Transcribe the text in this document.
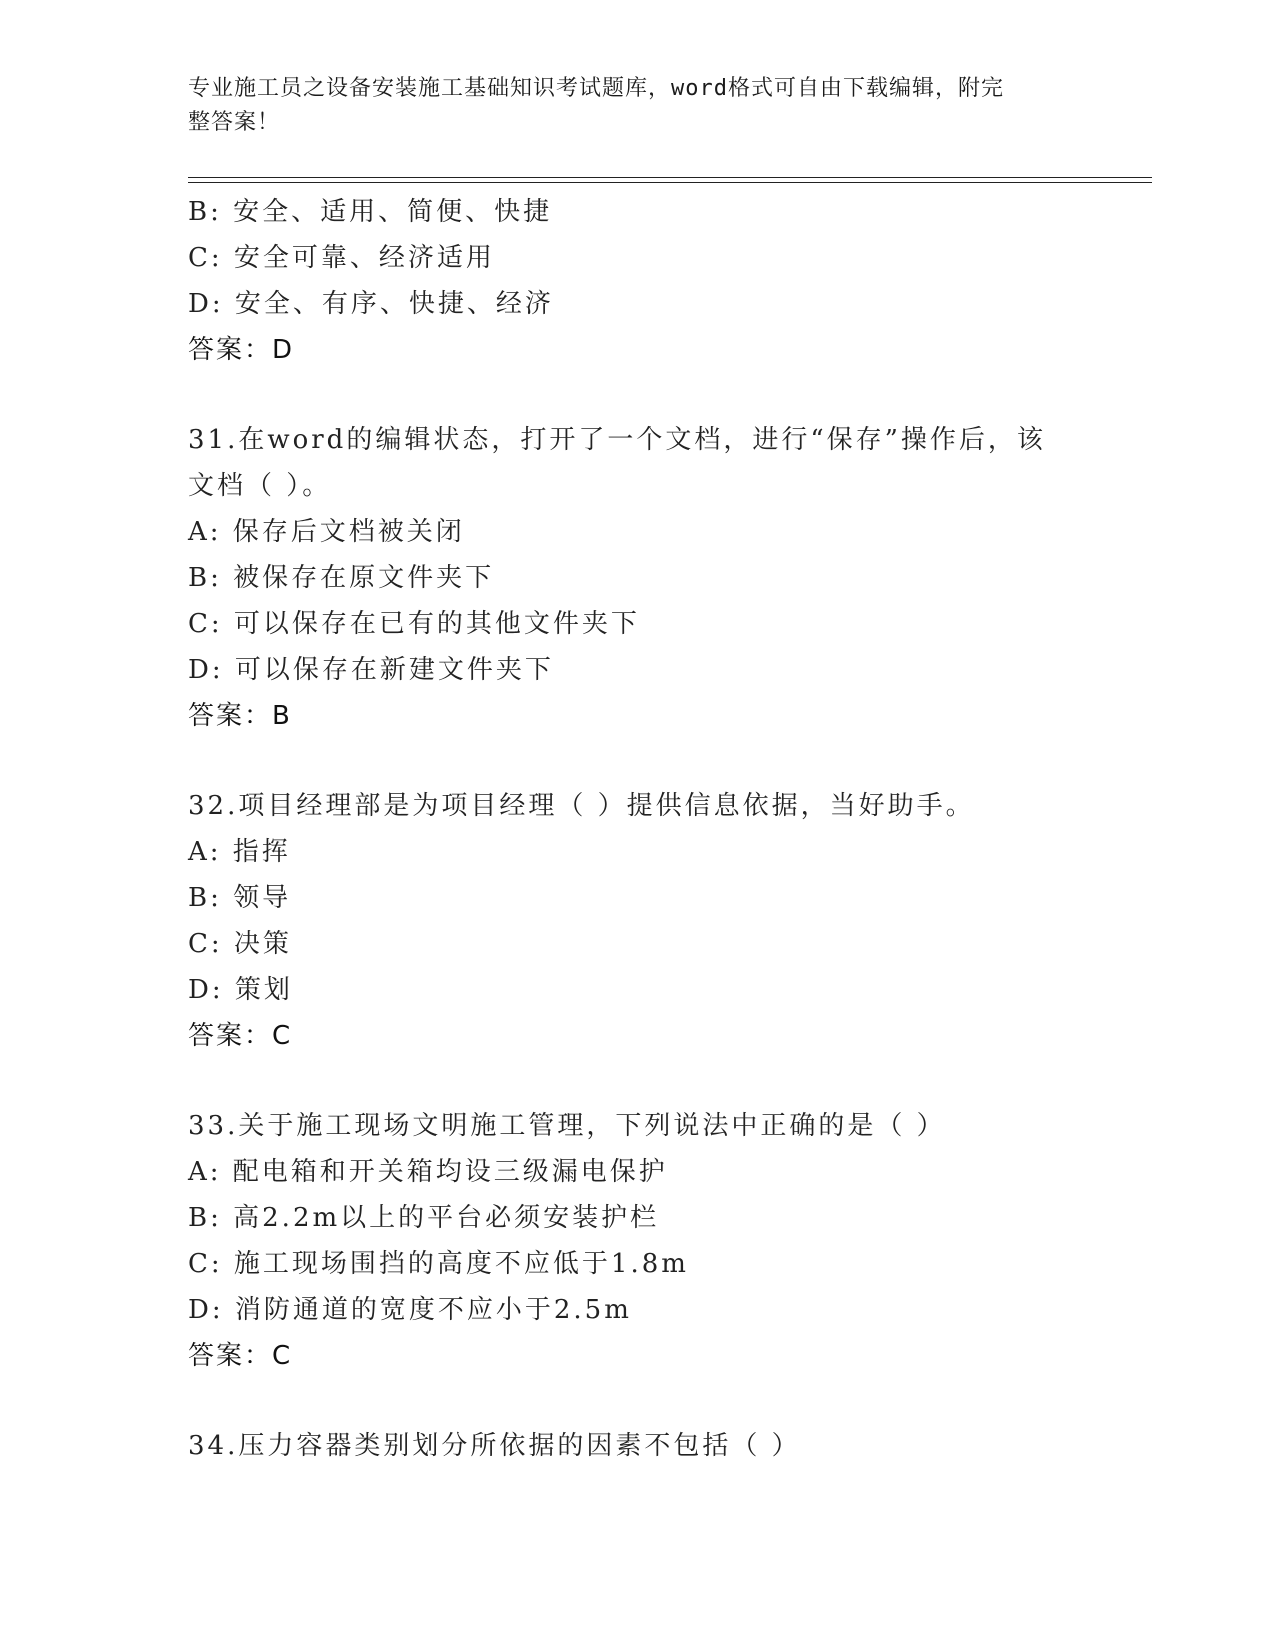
专业施工员之设备安装施工基础知识考试题库，word格式可自由下载编辑，附完
整答案！
B: 安全、适用、简便、快捷
C: 安全可靠、经济适用
D: 安全、有序、快捷、经济
答案：D
31.在word的编辑状态，打开了一个文档，进行“保存”操作后，该
文档（ ）。
A: 保存后文档被关闭
B: 被保存在原文件夹下
C: 可以保存在已有的其他文件夹下
D: 可以保存在新建文件夹下
答案：B
32.项目经理部是为项目经理（ ）提供信息依据，当好助手。
A: 指挥
B: 领导
C: 决策
D: 策划
答案：C
33.关于施工现场文明施工管理，下列说法中正确的是（ ）
A: 配电箱和开关箱均设三级漏电保护
B: 高2.2m以上的平台必须安装护栏
C: 施工现场围挡的高度不应低于1.8m
D: 消防通道的宽度不应小于2.5m
答案：C
34.压力容器类别划分所依据的因素不包括（ ）
